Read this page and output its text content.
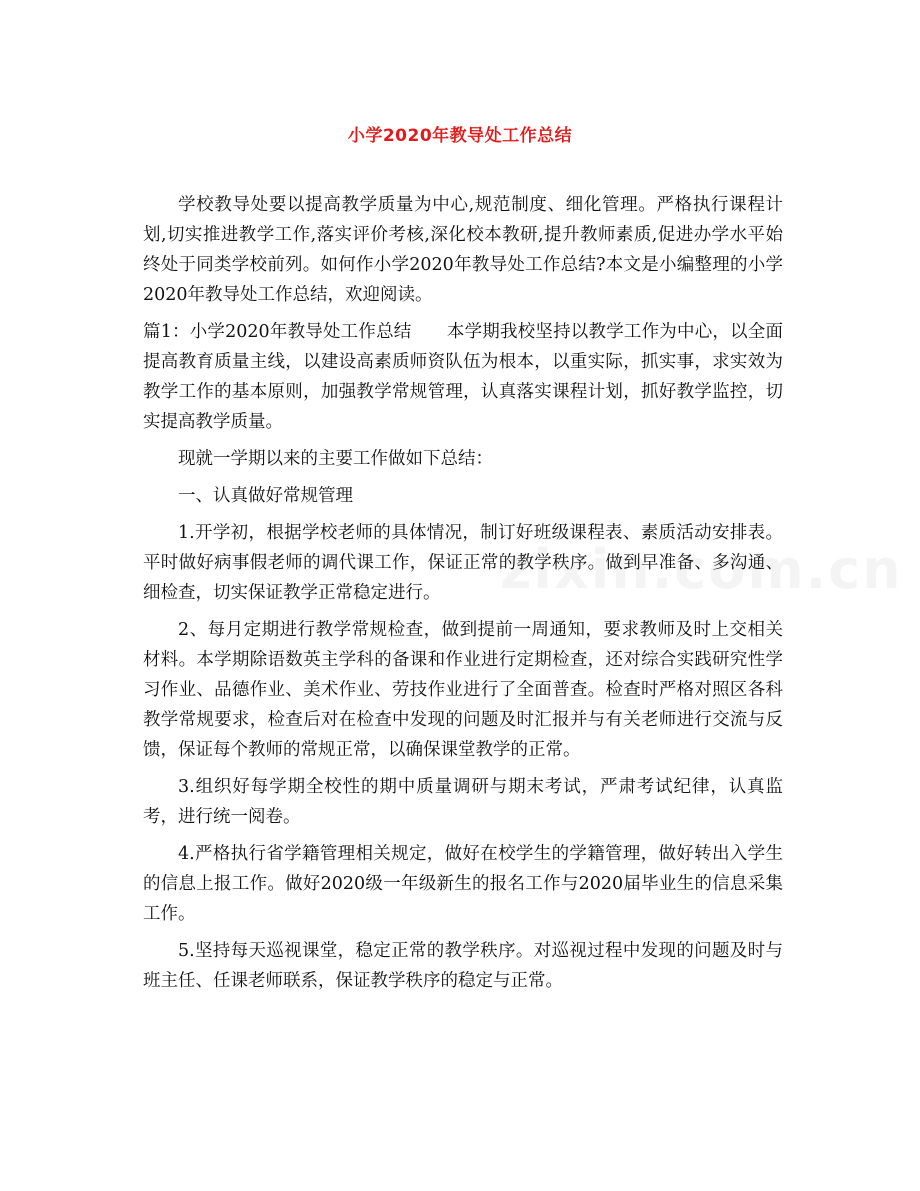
小学2020年教导处工作总结

学校教导处要以提高教学质量为中心,规范制度、细化管理。严格执行课程计划,切实推进教学工作,落实评价考核,深化校本教研,提升教师素质,促进办学水平始终处于同类学校前列。如何作小学2020年教导处工作总结?本文是小编整理的小学2020年教导处工作总结，欢迎阅读。

篇1：小学2020年教导处工作总结　　本学期我校坚持以教学工作为中心，以全面提高教育质量主线，以建设高素质师资队伍为根本，以重实际，抓实事，求实效为教学工作的基本原则，加强教学常规管理，认真落实课程计划，抓好教学监控，切实提高教学质量。

现就一学期以来的主要工作做如下总结：

一、认真做好常规管理

1.开学初，根据学校老师的具体情况，制订好班级课程表、素质活动安排表。平时做好病事假老师的调代课工作，保证正常的教学秩序。做到早准备、多沟通、细检查，切实保证教学正常稳定进行。

2、每月定期进行教学常规检查，做到提前一周通知，要求教师及时上交相关材料。本学期除语数英主学科的备课和作业进行定期检查，还对综合实践研究性学习作业、品德作业、美术作业、劳技作业进行了全面普查。检查时严格对照区各科教学常规要求，检查后对在检查中发现的问题及时汇报并与有关老师进行交流与反馈，保证每个教师的常规正常，以确保课堂教学的正常。

3.组织好每学期全校性的期中质量调研与期末考试，严肃考试纪律，认真监考，进行统一阅卷。

4.严格执行省学籍管理相关规定，做好在校学生的学籍管理，做好转出入学生的信息上报工作。做好2020级一年级新生的报名工作与2020届毕业生的信息采集工作。

5.坚持每天巡视课堂，稳定正常的教学秩序。对巡视过程中发现的问题及时与班主任、任课老师联系，保证教学秩序的稳定与正常。
